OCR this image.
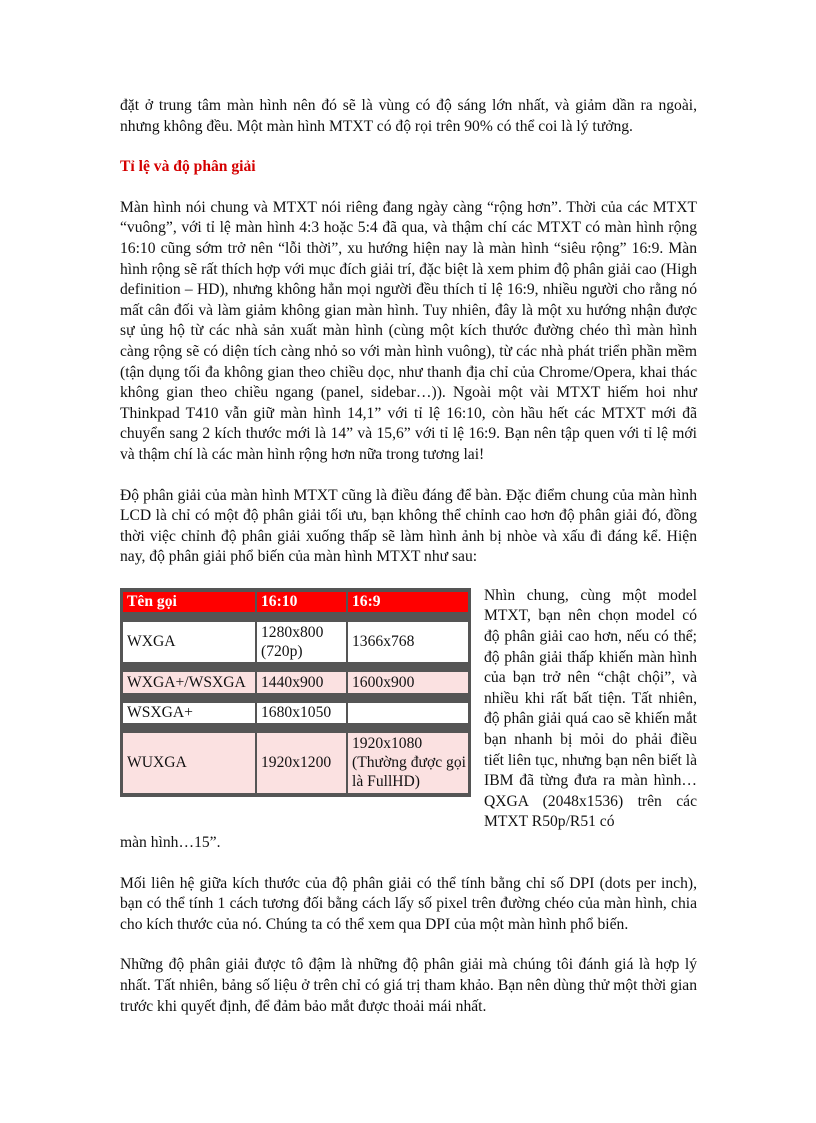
đặt ở trung tâm màn hình nên đó sẽ là vùng có độ sáng lớn nhất, và giảm dần ra ngoài, nhưng không đều. Một màn hình MTXT có độ rọi trên 90% có thể coi là lý tưởng.

Tỉ lệ và độ phân giải

Màn hình nói chung và MTXT nói riêng đang ngày càng “rộng hơn”. Thời của các MTXT “vuông”, với tỉ lệ màn hình 4:3 hoặc 5:4 đã qua, và thậm chí các MTXT có màn hình rộng 16:10 cũng sớm trở nên “lỗi thời”, xu hướng hiện nay là màn hình “siêu rộng” 16:9. Màn hình rộng sẽ rất thích hợp với mục đích giải trí, đặc biệt là xem phim độ phân giải cao (High definition – HD), nhưng không hẳn mọi người đều thích tỉ lệ 16:9, nhiều người cho rằng nó mất cân đối và làm giảm không gian màn hình. Tuy nhiên, đây là một xu hướng nhận được sự ủng hộ từ các nhà sản xuất màn hình (cùng một kích thước đường chéo thì màn hình càng rộng sẽ có diện tích càng nhỏ so với màn hình vuông), từ các nhà phát triển phần mềm (tận dụng tối đa không gian theo chiều dọc, như thanh địa chỉ của Chrome/Opera, khai thác không gian theo chiều ngang (panel, sidebar…)). Ngoài một vài MTXT hiếm hoi như Thinkpad T410 vẫn giữ màn hình 14,1” với tỉ lệ 16:10, còn hầu hết các MTXT mới đã chuyển sang 2 kích thước mới là 14” và 15,6” với tỉ lệ 16:9. Bạn nên tập quen với tỉ lệ mới và thậm chí là các màn hình rộng hơn nữa trong tương lai!

Độ phân giải của màn hình MTXT cũng là điều đáng để bàn. Đặc điểm chung của màn hình LCD là chỉ có một độ phân giải tối ưu, bạn không thể chỉnh cao hơn độ phân giải đó, đồng thời việc chỉnh độ phân giải xuống thấp sẽ làm hình ảnh bị nhòe và xấu đi đáng kể. Hiện nay, độ phân giải phổ biến của màn hình MTXT như sau:

Tên gọi	16:10	16:9

WXGA	1280x800 (720p)	1366x768

WXGA+/WSXGA	1440x900	1600x900

WSXGA+	1680x1050	

WUXGA	1920x1200	1920x1080 (Thường được gọi là FullHD)

Nhìn chung, cùng một model MTXT, bạn nên chọn model có độ phân giải cao hơn, nếu có thể; độ phân giải thấp khiến màn hình của bạn trở nên “chật chội”, và nhiều khi rất bất tiện. Tất nhiên, độ phân giải quá cao sẽ khiến mắt bạn nhanh bị mỏi do phải điều tiết liên tục, nhưng bạn nên biết là IBM đã từng đưa ra màn hình…QXGA (2048x1536) trên các MTXT R50p/R51 có

màn hình…15”.

Mối liên hệ giữa kích thước của độ phân giải có thể tính bằng chỉ số DPI (dots per inch), bạn có thể tính 1 cách tương đối bằng cách lấy số pixel trên đường chéo của màn hình, chia cho kích thước của nó. Chúng ta có thể xem qua DPI của một màn hình phổ biến.

Những độ phân giải được tô đậm là những độ phân giải mà chúng tôi đánh giá là hợp lý nhất. Tất nhiên, bảng số liệu ở trên chỉ có giá trị tham khảo. Bạn nên dùng thử một thời gian trước khi quyết định, để đảm bảo mắt được thoải mái nhất.
